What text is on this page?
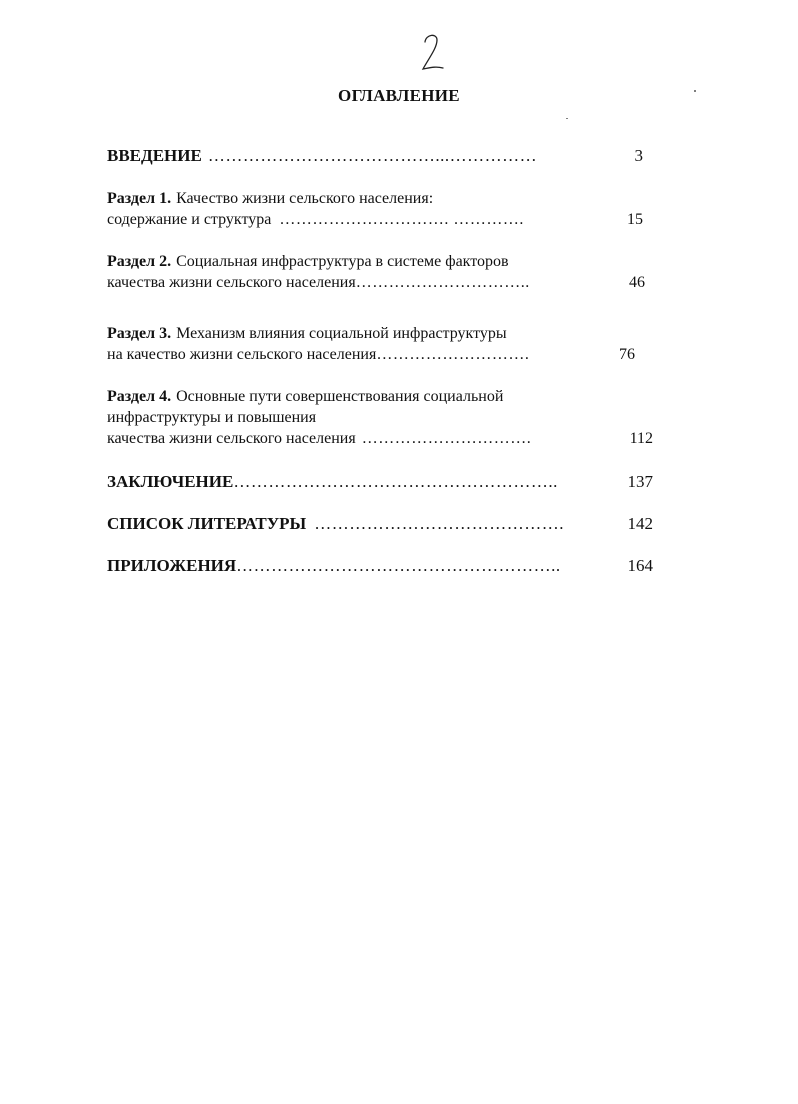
ОГЛАВЛЕНИЕ
ВВЕДЕНИЕ …………………………………...……………	3
Раздел 1. Качество жизни сельского населения:
содержание и структура …………………………. ………….	15
Раздел 2. Социальная инфраструктура в системе факторов
качества жизни сельского населения …………………………..	46
Раздел 3. Механизм влияния социальной инфраструктуры
на качество жизни сельского населения ……………………….	76
Раздел 4. Основные пути совершенствования социальной
инфраструктуры и повышения
качества жизни сельского населения ………………………….	112
ЗАКЛЮЧЕНИЕ ………………………………………………..	137
СПИСОК ЛИТЕРАТУРЫ …………………………………….	142
ПРИЛОЖЕНИЯ ………………………………………………..	164
